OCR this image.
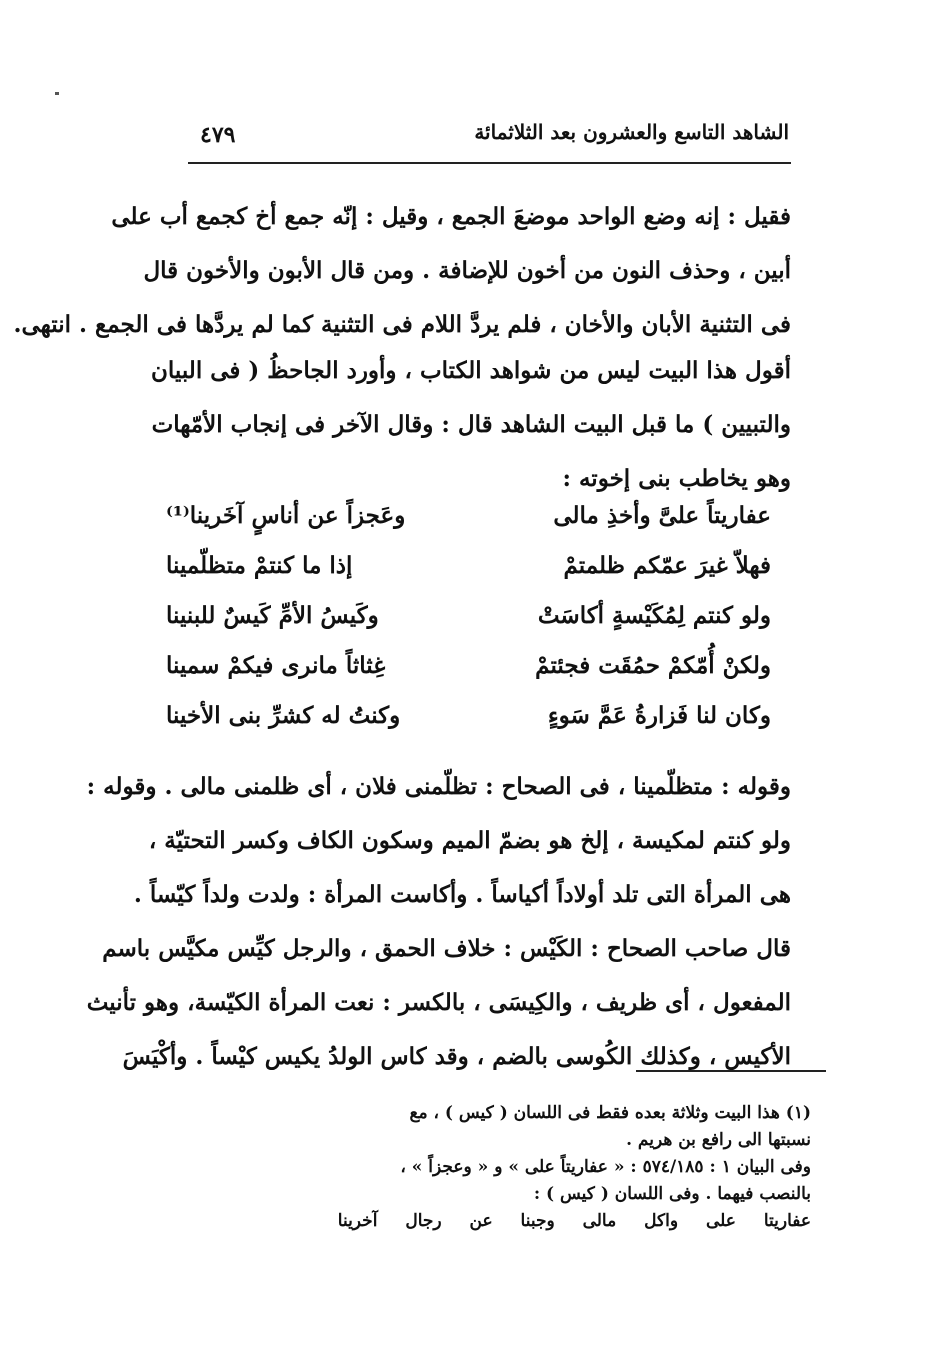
الشاهد التاسع والعشرون بعد الثلاثمائة
٤٧٩
فقيل : إنه وضع الواحد موضعَ الجمع ، وقيل : إنّه جمع أخ كجمع أب على
أبين ، وحذف النون من أخون للإضافة . ومن قال الأبون والأخون قال
فى التثنية الأبان والأخان ، فلم يردَّ اللام فى التثنية كما لم يردَّها فى الجمع . انتهى.
أقول هذا البيت ليس من شواهد الكتاب ، وأورد الجاحظُ ( فى البيان
والتبيين ) ما قبل البيت الشاهد قال : وقال الآخر فى إنجاب الأمّهات
وهو يخاطب بنى إخوته :
عفاريتاً علىَّ وأخذِ مالى
وعَجزاً عن أناسٍ آخَرينا⁽¹⁾
فهلاّ غيرَ عمّكم ظلمتمْ
إذا ما كنتمْ متظلّمينا
ولو كنتم لِمُكَيْسةٍ أكاسَتْ
وكَيسُ الأمِّ كَيسٌ للبنينا
ولكنْ أُمّكمْ حمُقَت فجئتمْ
غِثاثاً مانرى فيكمْ سمينا
وكان لنا فَزارةُ عَمَّ سَوءٍ
وكنتُ له كشرِّ بنى الأخينا
وقوله : متظلّمينا ، فى الصحاح : تظلّمنى فلان ، أى ظلمنى مالى . وقوله :
ولو كنتم لمكيسة ، إلخ هو بضمّ الميم وسكون الكاف وكسر التحتيّة ،
هى المرأة التى تلد أولاداً أكياساً . وأكاست المرأة : ولدت ولداً كيّساً .
قال صاحب الصحاح : الكَيْس : خلاف الحمق ، والرجل كيِّس مكيَّس باسم
المفعول ، أى ظريف ، والكِيسَى ، بالكسر : نعت المرأة الكيّسة، وهو تأنيث
الأكيس ، وكذلك الكُوسى بالضم ، وقد كاس الولدُ يكيس كيْساً . وأكْيَسَ
(١) هذا البيت وثلاثة بعده فقط فى اللسان ( كيس ) ، مع
نسبتها الى رافع بن هريم .
وفى البيان ١ : ٥٧٤/١٨٥ : « عفاريتاً على » و « وعجزاً » ،
بالنصب فيهما . وفى اللسان ( كيس ) :
عفاريتا على واكل مالى وجبنا عن رجال آخرينا
